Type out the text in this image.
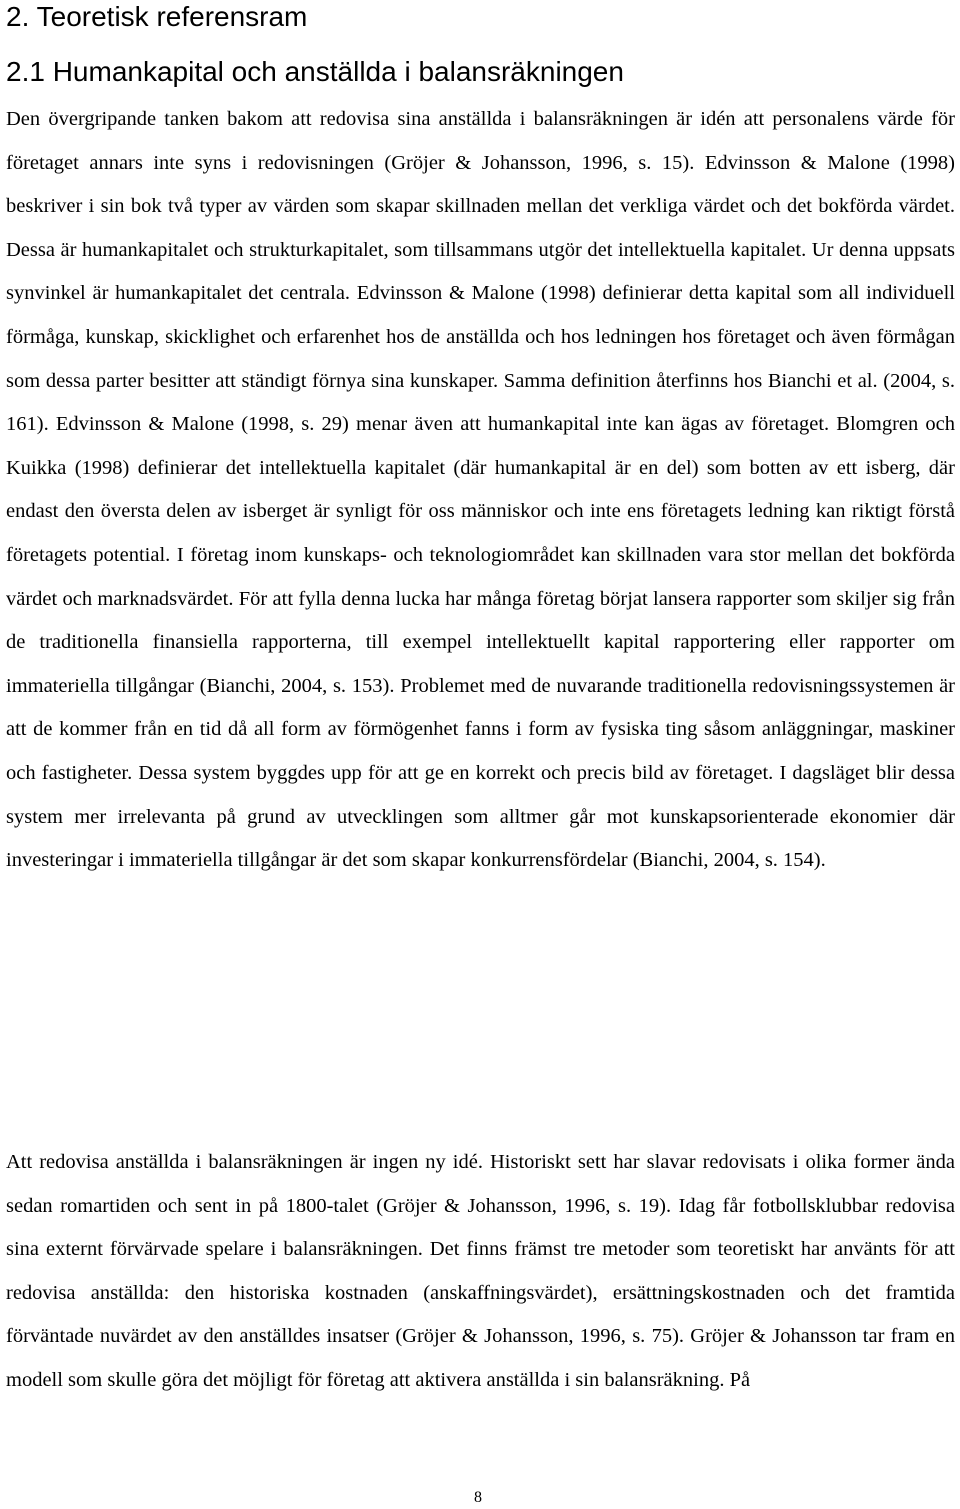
2. Teoretisk referensram
2.1 Humankapital och anställda i balansräkningen

Den övergripande tanken bakom att redovisa sina anställda i balansräkningen är idén att personalens värde för företaget annars inte syns i redovisningen (Gröjer & Johansson, 1996, s. 15). Edvinsson & Malone (1998) beskriver i sin bok två typer av värden som skapar skillnaden mellan det verkliga värdet och det bokförda värdet. Dessa är humankapitalet och strukturkapitalet, som tillsammans utgör det intellektuella kapitalet. Ur denna uppsats synvinkel är humankapitalet det centrala. Edvinsson & Malone (1998) definierar detta kapital som all individuell förmåga, kunskap, skicklighet och erfarenhet hos de anställda och hos ledningen hos företaget och även förmågan som dessa parter besitter att ständigt förnya sina kunskaper. Samma definition återfinns hos Bianchi et al. (2004, s. 161). Edvinsson & Malone (1998, s. 29) menar även att humankapital inte kan ägas av företaget. Blomgren och Kuikka (1998) definierar det intellektuella kapitalet (där humankapital är en del) som botten av ett isberg, där endast den översta delen av isberget är synligt för oss människor och inte ens företagets ledning kan riktigt förstå företagets potential. I företag inom kunskaps- och teknologiområdet kan skillnaden vara stor mellan det bokförda värdet och marknadsvärdet. För att fylla denna lucka har många företag börjat lansera rapporter som skiljer sig från de traditionella finansiella rapporterna, till exempel intellektuellt kapital rapportering eller rapporter om immateriella tillgångar (Bianchi, 2004, s. 153). Problemet med de nuvarande traditionella redovisningssystemen är att de kommer från en tid då all form av förmögenhet fanns i form av fysiska ting såsom anläggningar, maskiner och fastigheter. Dessa system byggdes upp för att ge en korrekt och precis bild av företaget. I dagsläget blir dessa system mer irrelevanta på grund av utvecklingen som alltmer går mot kunskapsorienterade ekonomier där investeringar i immateriella tillgångar är det som skapar konkurrensfördelar (Bianchi, 2004, s. 154).

Att redovisa anställda i balansräkningen är ingen ny idé. Historiskt sett har slavar redovisats i olika former ända sedan romartiden och sent in på 1800-talet (Gröjer & Johansson, 1996, s. 19). Idag får fotbollsklubbar redovisa sina externt förvärvade spelare i balansräkningen. Det finns främst tre metoder som teoretiskt har använts för att redovisa anställda: den historiska kostnaden (anskaffningsvärdet), ersättningskostnaden och det framtida förväntade nuvärdet av den anställdes insatser (Gröjer & Johansson, 1996, s. 75). Gröjer & Johansson tar fram en modell som skulle göra det möjligt för företag att aktivera anställda i sin balansräkning. På

8
